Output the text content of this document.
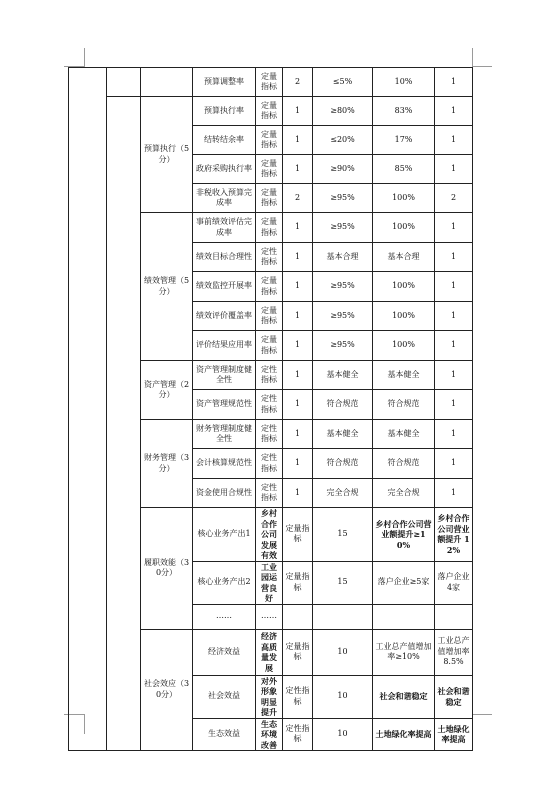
			预算调整率	定量指标	2	≤5%	10%	1	
		预算执行（5分）	预算执行率	定量指标	1	≥80%	83%	1	
			结转结余率	定量指标	1	≤20%	17%	1	
			政府采购执行率	定量指标	1	≥90%	85%	1	
			非税收入预算完成率	定量指标	2	≥95%	100%	2	
		绩效管理（5分）	事前绩效评估完成率	定量指标	1	≥95%	100%	1	
			绩效目标合理性	定性指标	1	基本合理	基本合理	1	
			绩效监控开展率	定量指标	1	≥95%	100%	1	
			绩效评价覆盖率	定量指标	1	≥95%	100%	1	
			评价结果应用率	定量指标	1	≥95%	100%	1	
		资产管理（2分）	资产管理制度健全性	定性指标	1	基本健全	基本健全	1	
			资产管理规范性	定性指标	1	符合规范	符合规范	1	
		财务管理（3分）	财务管理制度健全性	定性指标	1	基本健全	基本健全	1	
			会计核算规范性	定性指标	1	符合规范	符合规范	1	
			资金使用合规性	定性指标	1	完全合规	完全合规	1	
		履职效能（30分）	核心业务产出1	乡村合作公司发展有效	定量指标	15	乡村合作公司营业额提升≥10%	乡村合作公司营业额提升 12%	
			核心业务产出2	工业园运营良好	定量指标	15	落户企业≥5家	落户企业4家	
			……	……					
		社会效应（30分）	经济效益	经济高质量发展	定量指标	10	工业总产值增加率≥10%	工业总产值增加率 8.5%	
			社会效益	对外形象明显提升	定性指标	10	社会和谐稳定	社会和谐稳定	
			生态效益	生态环境改善	定性指标	10	土地绿化率提高	土地绿化率提高	
